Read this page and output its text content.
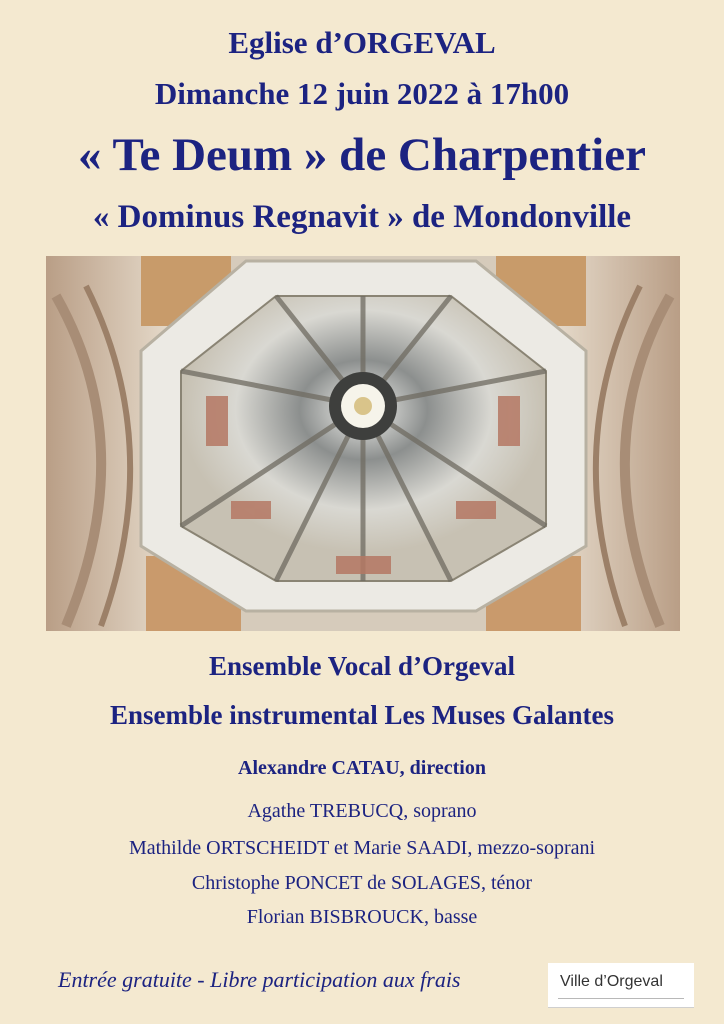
Eglise d’ORGEVAL
Dimanche 12 juin 2022 à 17h00
« Te Deum » de Charpentier
« Dominus Regnavit » de Mondonville
Ensemble Vocal d’Orgeval
Ensemble instrumental Les Muses Galantes
Alexandre CATAU, direction
Agathe TREBUCQ, soprano
Mathilde ORTSCHEIDT et Marie SAADI, mezzo-soprani
Christophe PONCET de SOLAGES, ténor
Florian BISBROUCK, basse
Entrée gratuite - Libre participation aux frais	Ville d’Orgeval
